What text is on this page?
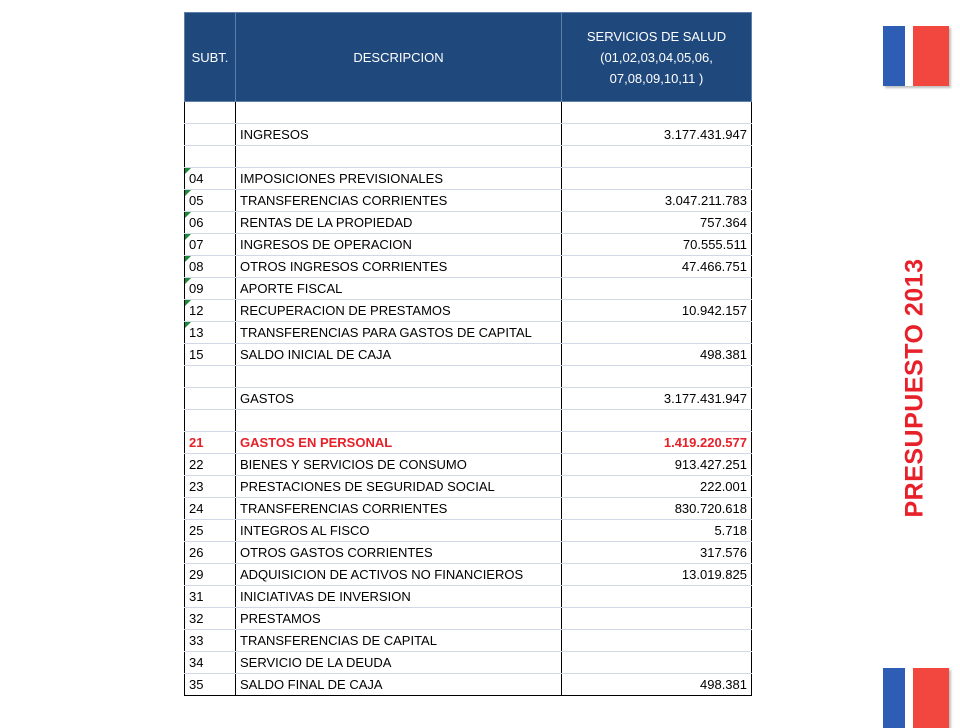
PRESUPUESTO 2013
SUBT.	DESCRIPCION	SERVICIOS DE SALUD
(01,02,03,04,05,06,
07,08,09,10,11 )

	INGRESOS	3.177.431.947

04	IMPOSICIONES PREVISIONALES	

05	TRANSFERENCIAS CORRIENTES	3.047.211.783

06	RENTAS DE LA PROPIEDAD	757.364

07	INGRESOS DE OPERACION	70.555.511

08	OTROS INGRESOS CORRIENTES	47.466.751

09	APORTE FISCAL	

12	RECUPERACION DE PRESTAMOS	10.942.157

13	TRANSFERENCIAS PARA GASTOS DE CAPITAL	
15	SALDO INICIAL DE CAJA	498.381

	GASTOS	3.177.431.947

21	GASTOS EN PERSONAL	1.419.220.577
22	BIENES Y SERVICIOS DE CONSUMO	913.427.251
23	PRESTACIONES DE SEGURIDAD SOCIAL	222.001
24	TRANSFERENCIAS CORRIENTES	830.720.618
25	INTEGROS AL FISCO	5.718
26	OTROS GASTOS CORRIENTES	317.576
29	ADQUISICION DE ACTIVOS NO FINANCIEROS	13.019.825
31	INICIATIVAS DE INVERSION	
32	PRESTAMOS	
33	TRANSFERENCIAS DE CAPITAL	
34	SERVICIO DE LA DEUDA	
35	SALDO FINAL DE CAJA	498.381
